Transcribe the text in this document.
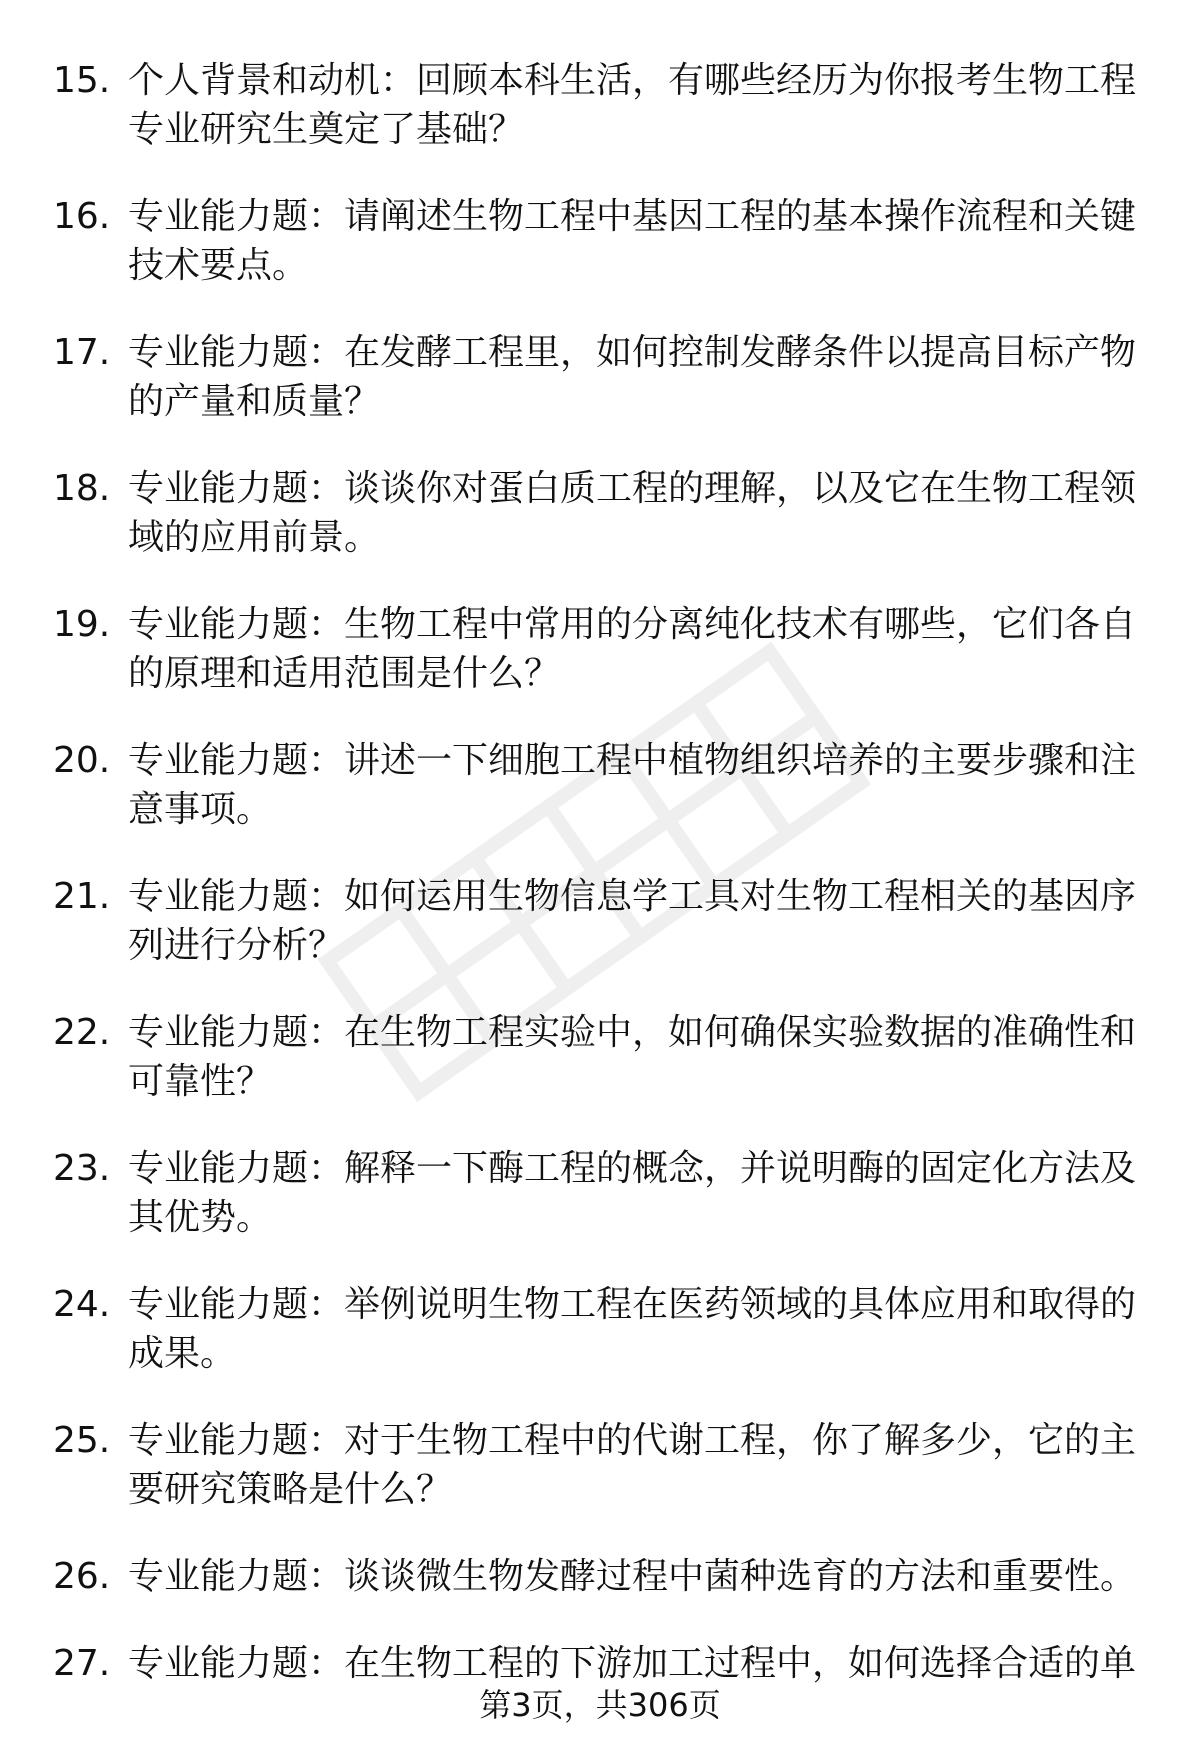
15. 个人背景和动机：回顾本科生活，有哪些经历为你报考生物工程专业研究生奠定了基础？
16. 专业能力题：请阐述生物工程中基因工程的基本操作流程和关键技术要点。
17. 专业能力题：在发酵工程里，如何控制发酵条件以提高目标产物的产量和质量？
18. 专业能力题：谈谈你对蛋白质工程的理解，以及它在生物工程领域的应用前景。
19. 专业能力题：生物工程中常用的分离纯化技术有哪些，它们各自的原理和适用范围是什么？
20. 专业能力题：讲述一下细胞工程中植物组织培养的主要步骤和注意事项。
21. 专业能力题：如何运用生物信息学工具对生物工程相关的基因序列进行分析？
22. 专业能力题：在生物工程实验中，如何确保实验数据的准确性和可靠性？
23. 专业能力题：解释一下酶工程的概念，并说明酶的固定化方法及其优势。
24. 专业能力题：举例说明生物工程在医药领域的具体应用和取得的成果。
25. 专业能力题：对于生物工程中的代谢工程，你了解多少，它的主要研究策略是什么？
26. 专业能力题：谈谈微生物发酵过程中菌种选育的方法和重要性。
27. 专业能力题：在生物工程的下游加工过程中，如何选择合适的单
第3页，共306页
